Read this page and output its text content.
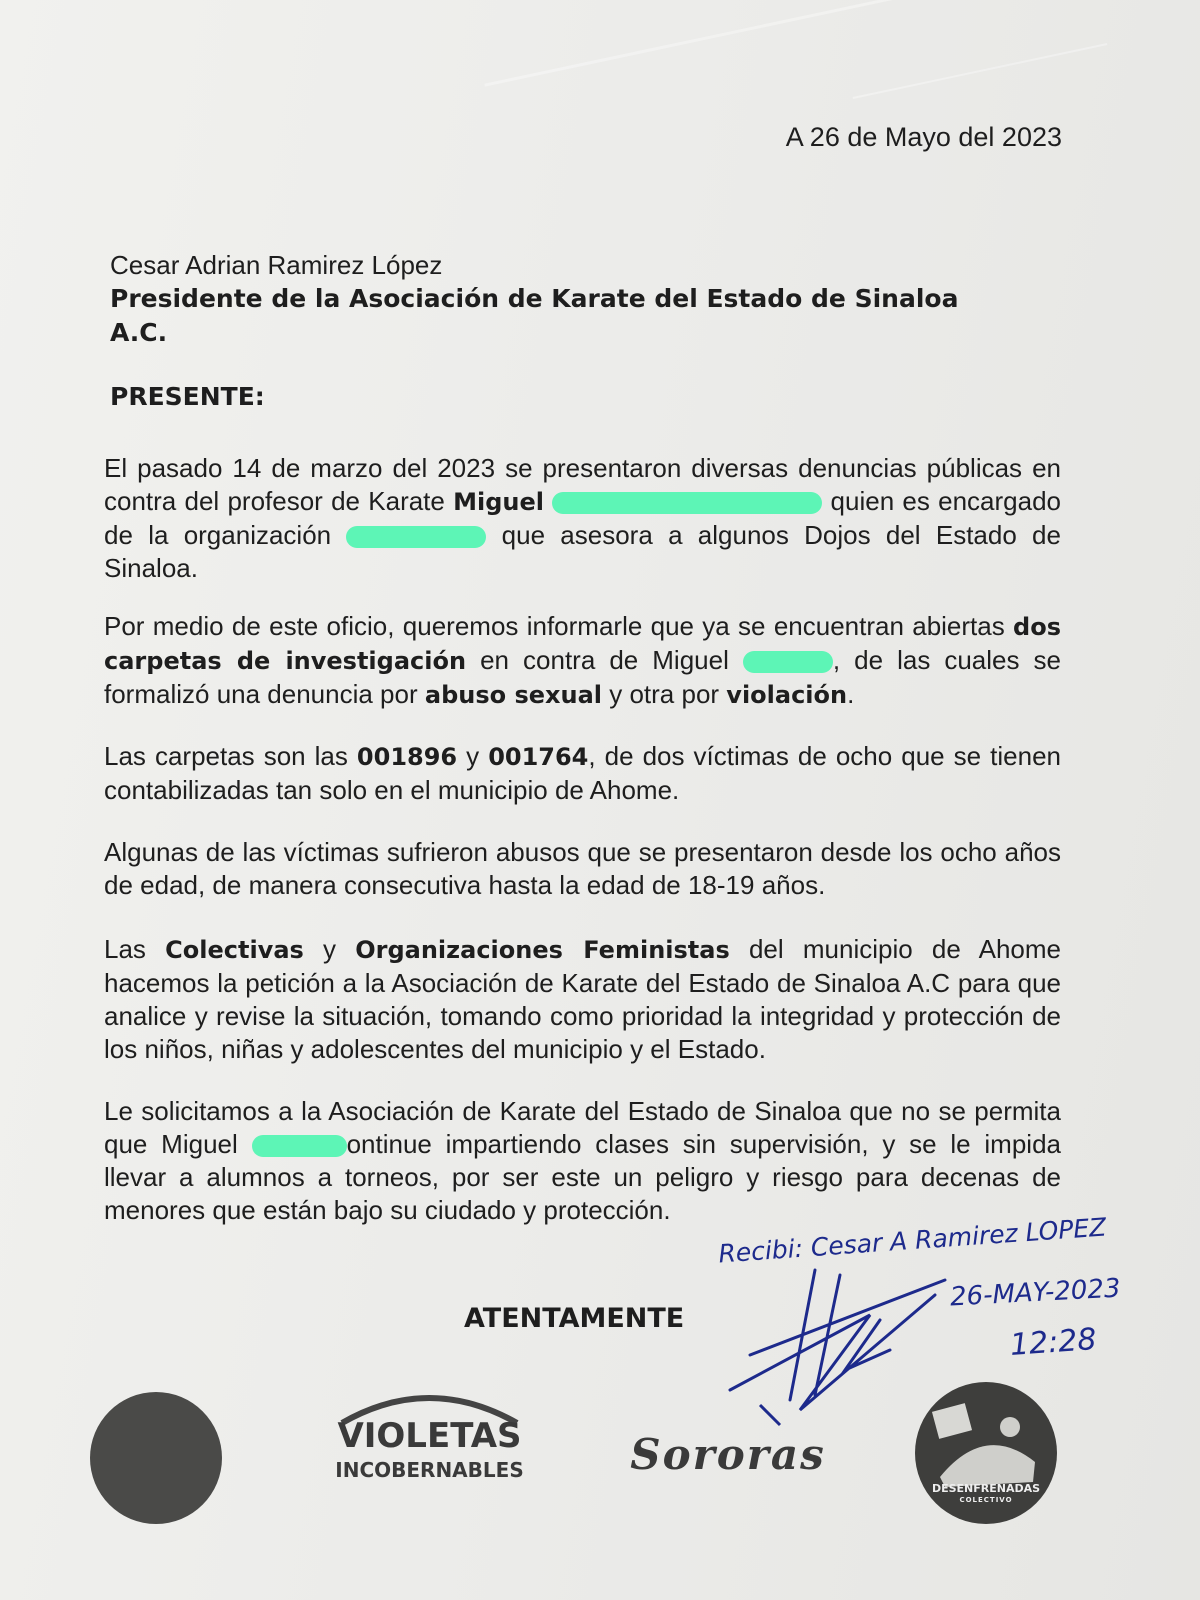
A 26 de Mayo del 2023
Cesar Adrian Ramirez López
Presidente de la Asociación de Karate del Estado de Sinaloa A.C.
PRESENTE:
El pasado 14 de marzo del 2023 se presentaron diversas denuncias públicas en contra del profesor de Karate Miguel	quien es encargado de la organización	que asesora a algunos Dojos del Estado de Sinaloa.
Por medio de este oficio, queremos informarle que ya se encuentran abiertas dos carpetas de investigación en contra de Miguel	, de las cuales se formalizó una denuncia por abuso sexual y otra por violación.
Las carpetas son las 001896 y 001764, de dos víctimas de ocho que se tienen contabilizadas tan solo en el municipio de Ahome.
Algunas de las víctimas sufrieron abusos que se presentaron desde los ocho años de edad, de manera consecutiva hasta la edad de 18-19 años.
Las Colectivas y Organizaciones Feministas del municipio de Ahome hacemos la petición a la Asociación de Karate del Estado de Sinaloa A.C para que analice y revise la situación, tomando como prioridad la integridad y protección de los niños, niñas y adolescentes del municipio y el Estado.
Le solicitamos a la Asociación de Karate del Estado de Sinaloa que no se permita que Miguel	ontinue impartiendo clases sin supervisión, y se le impida llevar a alumnos a torneos, por ser este un peligro y riesgo para decenas de menores que están bajo su ciudado y protección.
ATENTAMENTE
Recibi: Cesar A Ramirez LOPEZ
26-MAY-2023
12:28
VIOLETAS
INCOBERNABLES	Sororas
DESENFRENADAS
COLECTIVO
